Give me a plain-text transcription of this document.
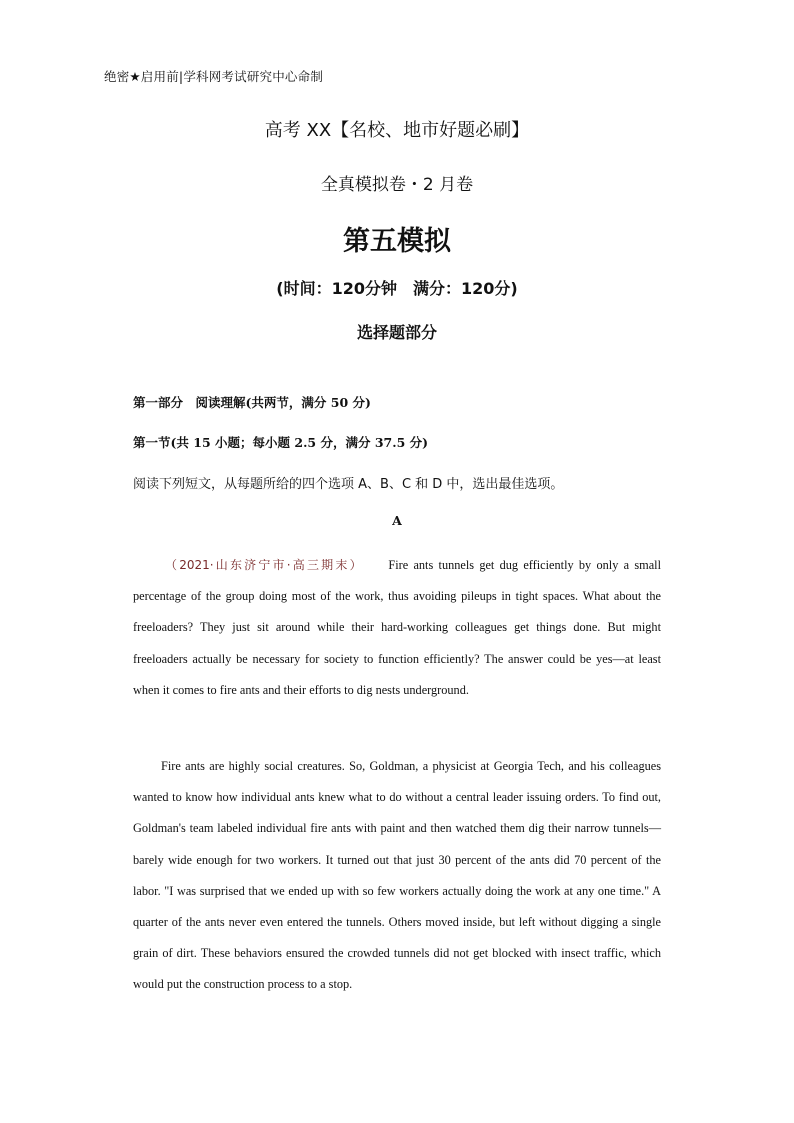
绝密★启用前|学科网考试研究中心命制
高考 XX【名校、地市好题必刷】
全真模拟卷・2 月卷
第五模拟
(时间：120分钟　满分：120分)
选择题部分
第一部分　阅读理解(共两节，满分 50 分)
第一节(共 15 小题；每小题 2.5 分，满分 37.5 分)
阅读下列短文，从每题所给的四个选项 A、B、C 和 D 中，选出最佳选项。
A

（2021·山东济宁市·高三期末）   Fire ants tunnels get dug efficiently by only a small percentage of the group doing most of the work, thus avoiding pileups in tight spaces. What about the freeloaders? They just sit around while their hard-working colleagues get things done. But might freeloaders actually be necessary for society to function efficiently? The answer could be yes—at least when it comes to fire ants and their efforts to dig nests underground.

Fire ants are highly social creatures. So, Goldman, a physicist at Georgia Tech, and his colleagues wanted to know how individual ants knew what to do without a central leader issuing orders. To find out, Goldman's team labeled individual fire ants with paint and then watched them dig their narrow tunnels—barely wide enough for two workers. It turned out that just 30 percent of the ants did 70 percent of the labor. "I was surprised that we ended up with so few workers actually doing the work at any one time." A quarter of the ants never even entered the tunnels. Others moved inside, but left without digging a single grain of dirt. These behaviors ensured the crowded tunnels did not get blocked with insect traffic, which would put the construction process to a stop.
